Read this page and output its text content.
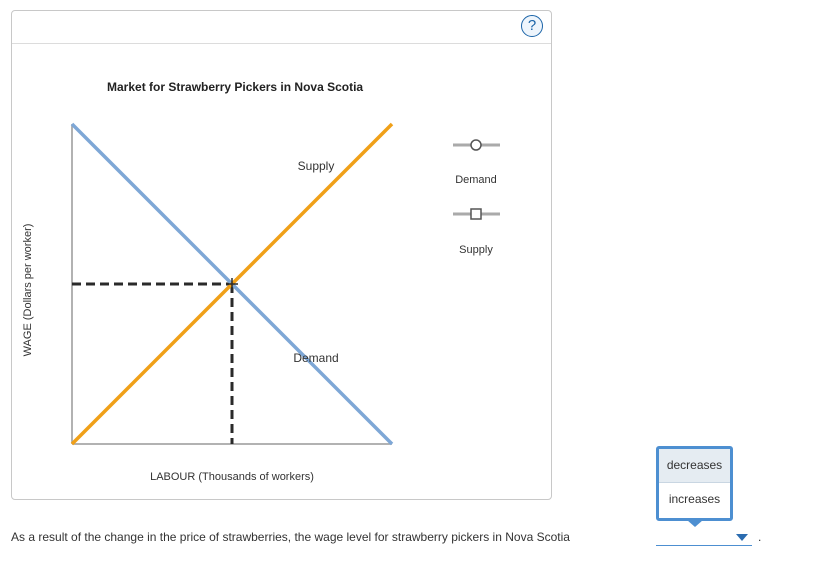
?
Market for Strawberry Pickers in Nova Scotia
WAGE (Dollars per worker)
LABOUR (Thousands of workers)
Supply
Demand
Demand
Supply
decreases
increases
As a result of the change in the price of strawberries, the wage level for strawberry pickers in Nova Scotia	.
